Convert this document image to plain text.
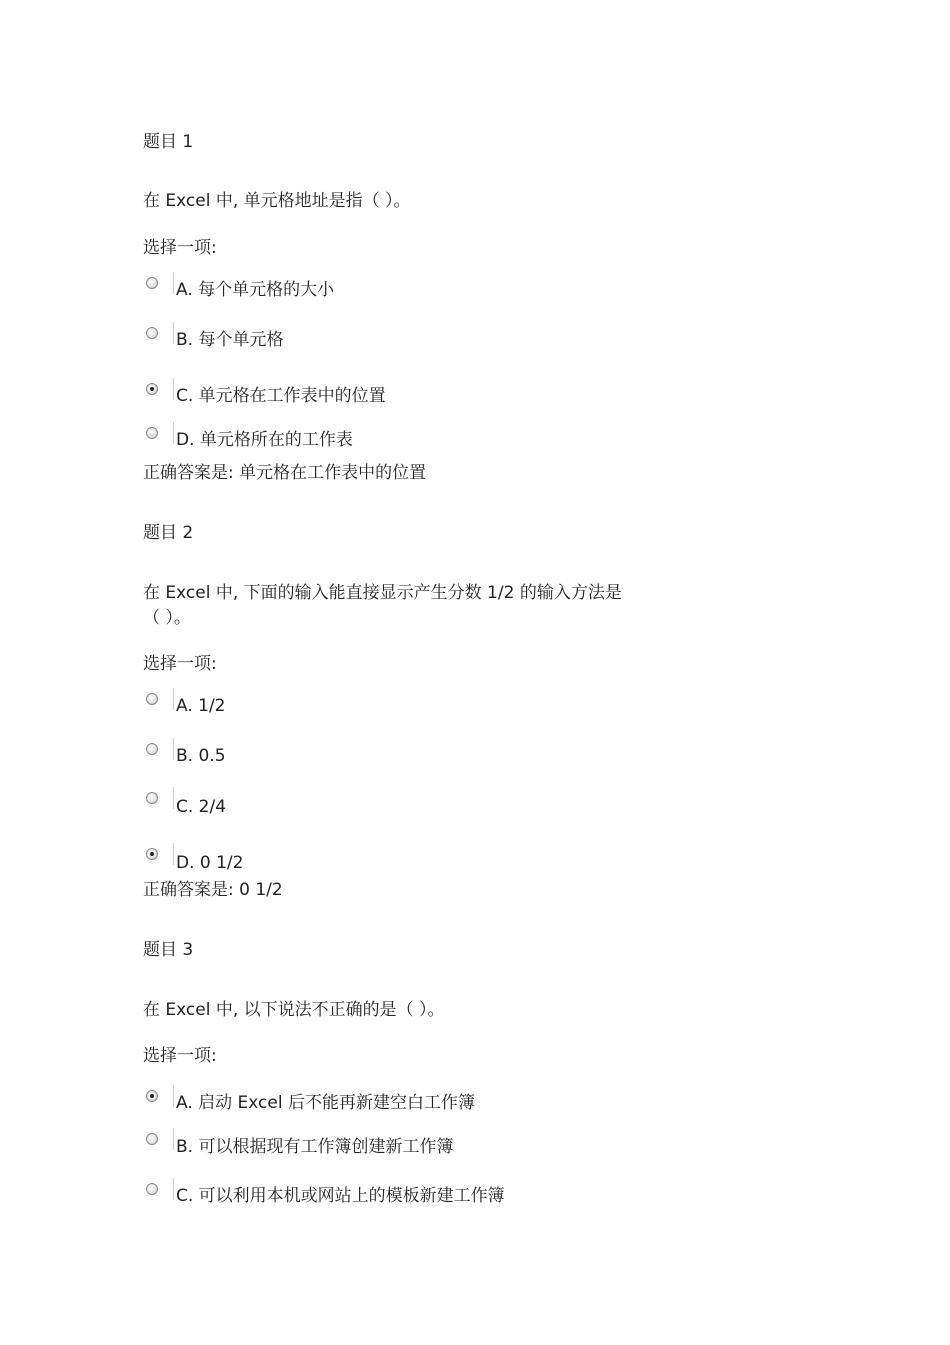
题目 1
在 Excel 中, 单元格地址是指（ ）。
选择一项:
A. 每个单元格的大小
B. 每个单元格
C. 单元格在工作表中的位置
D. 单元格所在的工作表
正确答案是: 单元格在工作表中的位置
题目 2
在 Excel 中, 下面的输入能直接显示产生分数 1/2 的输入方法是
（ ）。
选择一项:
A. 1/2
B. 0.5
C. 2/4
D. 0 1/2
正确答案是: 0 1/2
题目 3
在 Excel 中, 以下说法不正确的是（ ）。
选择一项:
A. 启动 Excel 后不能再新建空白工作簿
B. 可以根据现有工作簿创建新工作簿
C. 可以利用本机或网站上的模板新建工作簿
